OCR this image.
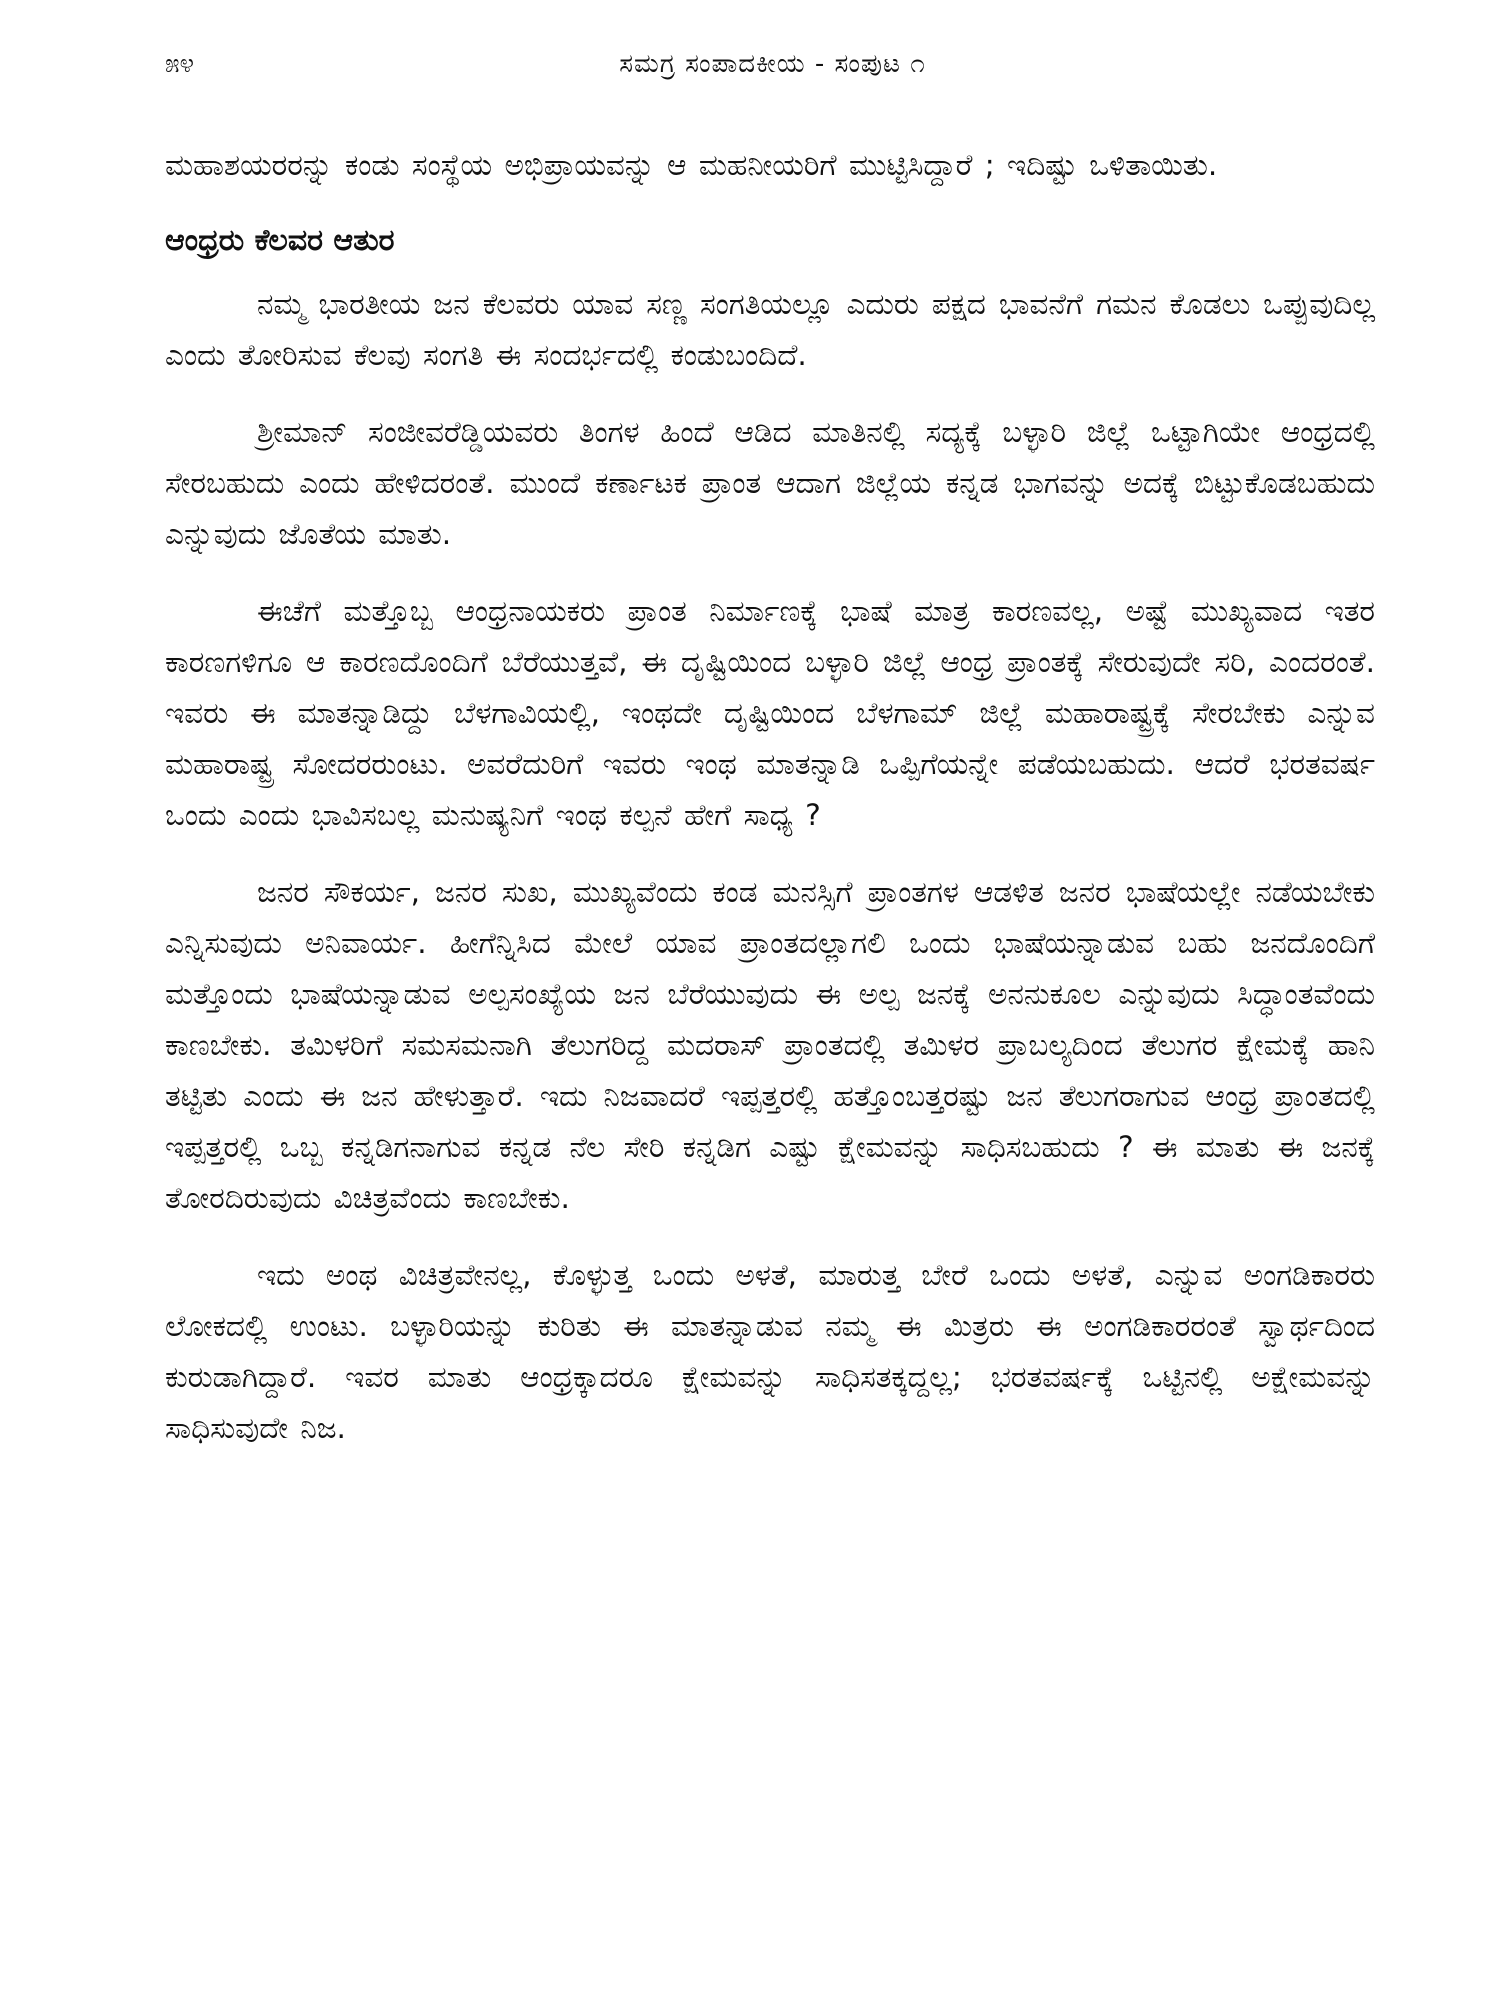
೫೪	ಸಮಗ್ರ ಸಂಪಾದಕೀಯ - ಸಂಪುಟ ೧

ಮಹಾಶಯರರನ್ನು ಕಂಡು ಸಂಸ್ಥೆಯ ಅಭಿಪ್ರಾಯವನ್ನು ಆ ಮಹನೀಯರಿಗೆ ಮುಟ್ಟಿಸಿದ್ದಾರೆ ; ಇದಿಷ್ಟು ಒಳಿತಾಯಿತು.

ಆಂಧ್ರರು ಕೆಲವರ ಆತುರ

ನಮ್ಮ ಭಾರತೀಯ ಜನ ಕೆಲವರು ಯಾವ ಸಣ್ಣ ಸಂಗತಿಯಲ್ಲೂ ಎದುರು ಪಕ್ಷದ ಭಾವನೆಗೆ ಗಮನ ಕೊಡಲು ಒಪ್ಪುವುದಿಲ್ಲ ಎಂದು ತೋರಿಸುವ ಕೆಲವು ಸಂಗತಿ ಈ ಸಂದರ್ಭದಲ್ಲಿ ಕಂಡುಬಂದಿದೆ.

ಶ್ರೀಮಾನ್ ಸಂಜೀವರೆಡ್ಡಿಯವರು ತಿಂಗಳ ಹಿಂದೆ ಆಡಿದ ಮಾತಿನಲ್ಲಿ ಸದ್ಯಕ್ಕೆ ಬಳ್ಳಾರಿ ಜಿಲ್ಲೆ ಒಟ್ಟಾಗಿಯೇ ಆಂಧ್ರದಲ್ಲಿ ಸೇರಬಹುದು ಎಂದು ಹೇಳಿದರಂತೆ. ಮುಂದೆ ಕರ್ಣಾಟಕ ಪ್ರಾಂತ ಆದಾಗ ಜಿಲ್ಲೆಯ ಕನ್ನಡ ಭಾಗವನ್ನು ಅದಕ್ಕೆ ಬಿಟ್ಟುಕೊಡಬಹುದು ಎನ್ನುವುದು ಜೊತೆಯ ಮಾತು.

ಈಚೆಗೆ ಮತ್ತೊಬ್ಬ ಆಂಧ್ರನಾಯಕರು ಪ್ರಾಂತ ನಿರ್ಮಾಣಕ್ಕೆ ಭಾಷೆ ಮಾತ್ರ ಕಾರಣವಲ್ಲ, ಅಷ್ಟೆ ಮುಖ್ಯವಾದ ಇತರ ಕಾರಣಗಳಿಗೂ ಆ ಕಾರಣದೊಂದಿಗೆ ಬೆರೆಯುತ್ತವೆ, ಈ ದೃಷ್ಟಿಯಿಂದ ಬಳ್ಳಾರಿ ಜಿಲ್ಲೆ ಆಂಧ್ರ ಪ್ರಾಂತಕ್ಕೆ ಸೇರುವುದೇ ಸರಿ, ಎಂದರಂತೆ. ಇವರು ಈ ಮಾತನ್ನಾಡಿದ್ದು ಬೆಳಗಾವಿಯಲ್ಲಿ, ಇಂಥದೇ ದೃಷ್ಟಿಯಿಂದ ಬೆಳಗಾಮ್ ಜಿಲ್ಲೆ ಮಹಾರಾಷ್ಟ್ರಕ್ಕೆ ಸೇರಬೇಕು ಎನ್ನುವ ಮಹಾರಾಷ್ಟ್ರ ಸೋದರರುಂಟು. ಅವರೆದುರಿಗೆ ಇವರು ಇಂಥ ಮಾತನ್ನಾಡಿ ಒಪ್ಪಿಗೆಯನ್ನೇ ಪಡೆಯಬಹುದು. ಆದರೆ ಭರತವರ್ಷ ಒಂದು ಎಂದು ಭಾವಿಸಬಲ್ಲ ಮನುಷ್ಯನಿಗೆ ಇಂಥ ಕಲ್ಪನೆ ಹೇಗೆ ಸಾಧ್ಯ ?

ಜನರ ಸೌಕರ್ಯ, ಜನರ ಸುಖ, ಮುಖ್ಯವೆಂದು ಕಂಡ ಮನಸ್ಸಿಗೆ ಪ್ರಾಂತಗಳ ಆಡಳಿತ ಜನರ ಭಾಷೆಯಲ್ಲೇ ನಡೆಯಬೇಕು ಎನ್ನಿಸುವುದು ಅನಿವಾರ್ಯ. ಹೀಗೆನ್ನಿಸಿದ ಮೇಲೆ ಯಾವ ಪ್ರಾಂತದಲ್ಲಾಗಲಿ ಒಂದು ಭಾಷೆಯನ್ನಾಡುವ ಬಹು ಜನದೊಂದಿಗೆ ಮತ್ತೊಂದು ಭಾಷೆಯನ್ನಾಡುವ ಅಲ್ಪಸಂಖ್ಯೆಯ ಜನ ಬೆರೆಯುವುದು ಈ ಅಲ್ಪ ಜನಕ್ಕೆ ಅನನುಕೂಲ ಎನ್ನುವುದು ಸಿದ್ಧಾಂತವೆಂದು ಕಾಣಬೇಕು. ತಮಿಳರಿಗೆ ಸಮಸಮನಾಗಿ ತೆಲುಗರಿದ್ದ ಮದರಾಸ್ ಪ್ರಾಂತದಲ್ಲಿ ತಮಿಳರ ಪ್ರಾಬಲ್ಯದಿಂದ ತೆಲುಗರ ಕ್ಷೇಮಕ್ಕೆ ಹಾನಿ ತಟ್ಟಿತು ಎಂದು ಈ ಜನ ಹೇಳುತ್ತಾರೆ. ಇದು ನಿಜವಾದರೆ ಇಪ್ಪತ್ತರಲ್ಲಿ ಹತ್ತೊಂಬತ್ತರಷ್ಟು ಜನ ತೆಲುಗರಾಗುವ ಆಂಧ್ರ ಪ್ರಾಂತದಲ್ಲಿ ಇಪ್ಪತ್ತರಲ್ಲಿ ಒಬ್ಬ ಕನ್ನಡಿಗನಾಗುವ ಕನ್ನಡ ನೆಲ ಸೇರಿ ಕನ್ನಡಿಗ ಎಷ್ಟು ಕ್ಷೇಮವನ್ನು ಸಾಧಿಸಬಹುದು ? ಈ ಮಾತು ಈ ಜನಕ್ಕೆ ತೋರದಿರುವುದು ವಿಚಿತ್ರವೆಂದು ಕಾಣಬೇಕು.

ಇದು ಅಂಥ ವಿಚಿತ್ರವೇನಲ್ಲ, ಕೊಳ್ಳುತ್ತ ಒಂದು ಅಳತೆ, ಮಾರುತ್ತ ಬೇರೆ ಒಂದು ಅಳತೆ, ಎನ್ನುವ ಅಂಗಡಿಕಾರರು ಲೋಕದಲ್ಲಿ ಉಂಟು. ಬಳ್ಳಾರಿಯನ್ನು ಕುರಿತು ಈ ಮಾತನ್ನಾಡುವ ನಮ್ಮ ಈ ಮಿತ್ರರು ಈ ಅಂಗಡಿಕಾರರಂತೆ ಸ್ವಾರ್ಥದಿಂದ ಕುರುಡಾಗಿದ್ದಾರೆ. ಇವರ ಮಾತು ಆಂಧ್ರಕ್ಕಾದರೂ ಕ್ಷೇಮವನ್ನು ಸಾಧಿಸತಕ್ಕದ್ದಲ್ಲ; ಭರತವರ್ಷಕ್ಕೆ ಒಟ್ಟಿನಲ್ಲಿ ಅಕ್ಷೇಮವನ್ನು ಸಾಧಿಸುವುದೇ ನಿಜ.
